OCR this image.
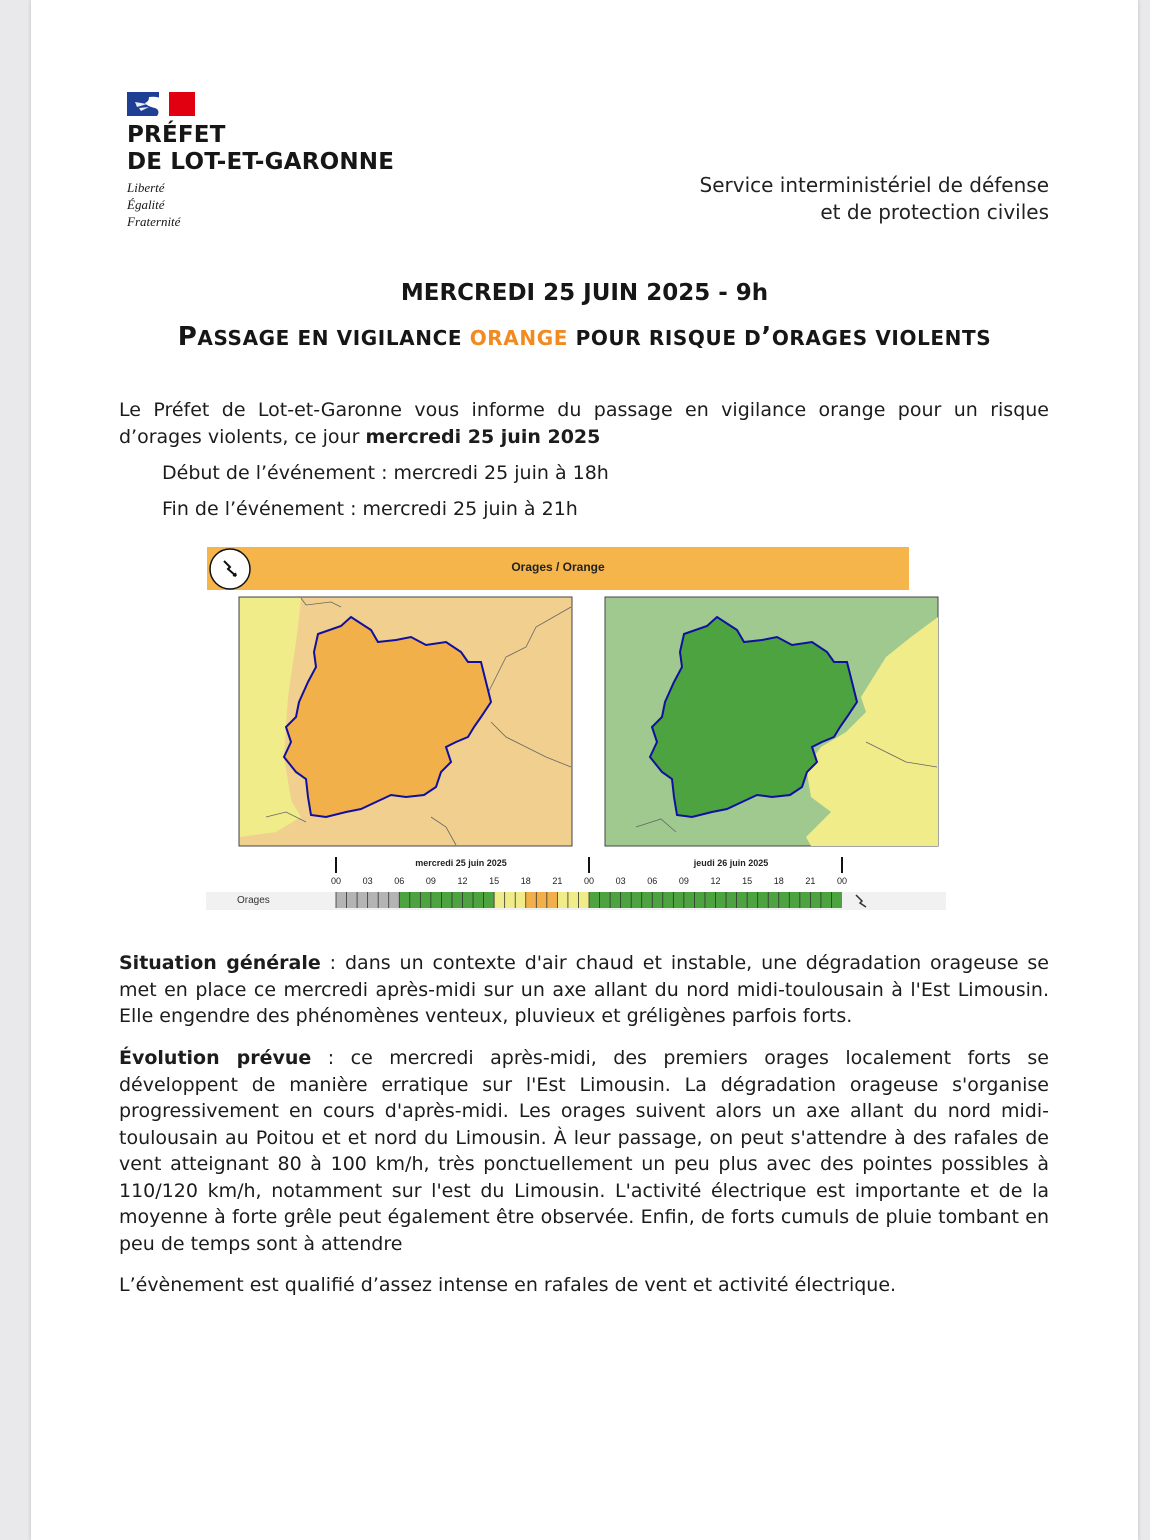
PRÉFET
DE LOT-ET-GARONNE
Liberté
Égalité
Fraternité
Service interministériel de défense
et de protection civiles
MERCREDI 25 JUIN 2025 - 9h
PASSAGE EN VIGILANCE ORANGE POUR RISQUE D’ORAGES VIOLENTS
Le Préfet de Lot-et-Garonne vous informe du passage en vigilance orange pour un risque d’orages violents, ce jour mercredi 25 juin 2025
Début de l’événement : mercredi 25 juin à 18h
Fin de l’événement : mercredi 25 juin à 21h
Orages / Orange
mercredi 25 juin 2025	jeudi 26 juin 2025
Orages
00 03 06 09 12 15 18 21 00 03 06 09 12 15 18 21 00
Situation générale : dans un contexte d'air chaud et instable, une dégradation orageuse se met en place ce mercredi après-midi sur un axe allant du nord midi-toulousain à l'Est Limousin. Elle engendre des phénomènes venteux, pluvieux et gréligènes parfois forts.
Évolution prévue : ce mercredi après-midi, des premiers orages localement forts se développent de manière erratique sur l'Est Limousin. La dégradation orageuse s'organise progressivement en cours d'après-midi. Les orages suivent alors un axe allant du nord midi-toulousain au Poitou et et nord du Limousin. À leur passage, on peut s'attendre à des rafales de vent atteignant 80 à 100 km/h, très ponctuellement un peu plus avec des pointes possibles à 110/120 km/h, notamment sur l'est du Limousin. L'activité électrique est importante et de la moyenne à forte grêle peut également être observée. Enfin, de forts cumuls de pluie tombant en peu de temps sont à attendre
L’évènement est qualifié d’assez intense en rafales de vent et activité électrique.
